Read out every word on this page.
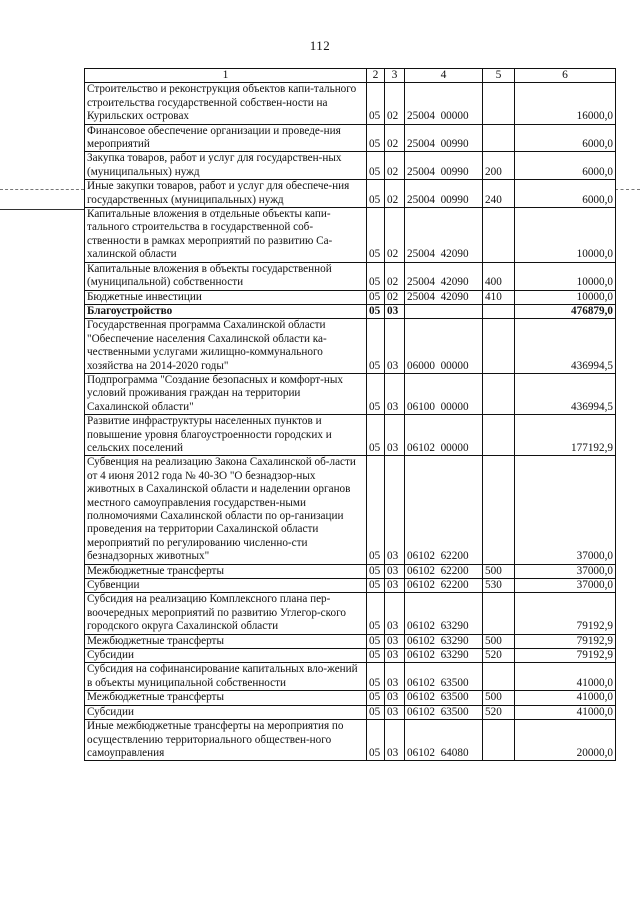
112
1	2	3	4	5	6
Строительство и реконструкция объектов капи-тального строительства государственной собствен-ности на Курильских островах	05	02	25004  00000		16000,0
Финансовое обеспечение организации и проведе-ния мероприятий	05	02	25004  00990		6000,0
Закупка товаров, работ и услуг для государствен-ных (муниципальных) нужд	05	02	25004  00990	200	6000,0
Иные закупки товаров, работ и услуг для обеспече-ния государственных (муниципальных) нужд	05	02	25004  00990	240	6000,0
Капитальные вложения в отдельные объекты капи-тального строительства в государственной соб-ственности в рамках мероприятий по развитию Са-халинской области	05	02	25004  42090		10000,0
Капитальные вложения в объекты государственной (муниципальной) собственности	05	02	25004  42090	400	10000,0
Бюджетные инвестиции	05	02	25004  42090	410	10000,0
Благоустройство	05	03			476879,0
Государственная программа Сахалинской области "Обеспечение населения Сахалинской области ка-чественными услугами жилищно-коммунального хозяйства на 2014-2020 годы"	05	03	06000  00000		436994,5
Подпрограмма "Создание безопасных и комфорт-ных условий проживания граждан на территории Сахалинской области"	05	03	06100  00000		436994,5
Развитие инфраструктуры населенных пунктов и повышение уровня благоустроенности городских и сельских поселений	05	03	06102  00000		177192,9
Субвенция на реализацию Закона Сахалинской об-ласти от 4 июня 2012 года № 40-ЗО "О безнадзор-ных животных в Сахалинской области и наделении органов местного самоуправления государствен-ными полномочиями Сахалинской области по ор-ганизации проведения на территории Сахалинской области мероприятий по регулированию численно-сти безнадзорных животных"	05	03	06102  62200		37000,0
Межбюджетные трансферты	05	03	06102  62200	500	37000,0
Субвенции	05	03	06102  62200	530	37000,0
Субсидия на реализацию Комплексного плана пер-воочередных мероприятий по развитию Углегор-ского городского округа Сахалинской области	05	03	06102  63290		79192,9
Межбюджетные трансферты	05	03	06102  63290	500	79192,9
Субсидии	05	03	06102  63290	520	79192,9
Субсидия на софинансирование капитальных вло-жений в объекты муниципальной собственности	05	03	06102  63500		41000,0
Межбюджетные трансферты	05	03	06102  63500	500	41000,0
Субсидии	05	03	06102  63500	520	41000,0
Иные межбюджетные трансферты на мероприятия по осуществлению территориального обществен-ного самоуправления	05	03	06102  64080		20000,0
